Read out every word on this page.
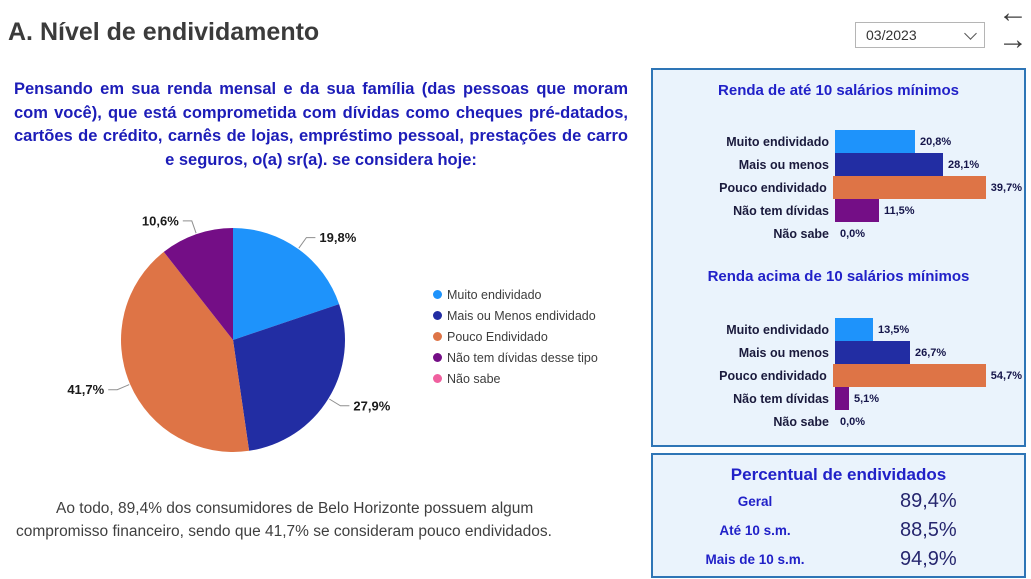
A. Nível de endividamento	03/2023
←
→
Pensando em sua renda mensal e da sua família (das pessoas que moram com você), que está comprometida com dívidas como cheques pré-datados, cartões de crédito, carnês de lojas, empréstimo pessoal, prestações de carro e seguros, o(a) sr(a). se considera hoje:
19,8%
27,9%
41,7%
10,6%
Muito endividado
Mais ou Menos endividado
Pouco Endividado
Não tem dívidas desse tipo
Não sabe
Ao todo, 89,4% dos consumidores de Belo Horizonte possuem algum compromisso financeiro, sendo que 41,7% se consideram pouco endividados.
Renda de até 10 salários mínimos
Muito endividado	20,8%
Mais ou menos	28,1%
Pouco endividado	39,7%
Não tem dívidas	11,5%
Não sabe	0,0%
Renda acima de 10 salários mínimos
Muito endividado	13,5%
Mais ou menos	26,7%
Pouco endividado	54,7%
Não tem dívidas	5,1%
Não sabe	0,0%
Percentual de endividados
Geral	89,4%
Até 10 s.m.	88,5%
Mais de 10 s.m.	94,9%
